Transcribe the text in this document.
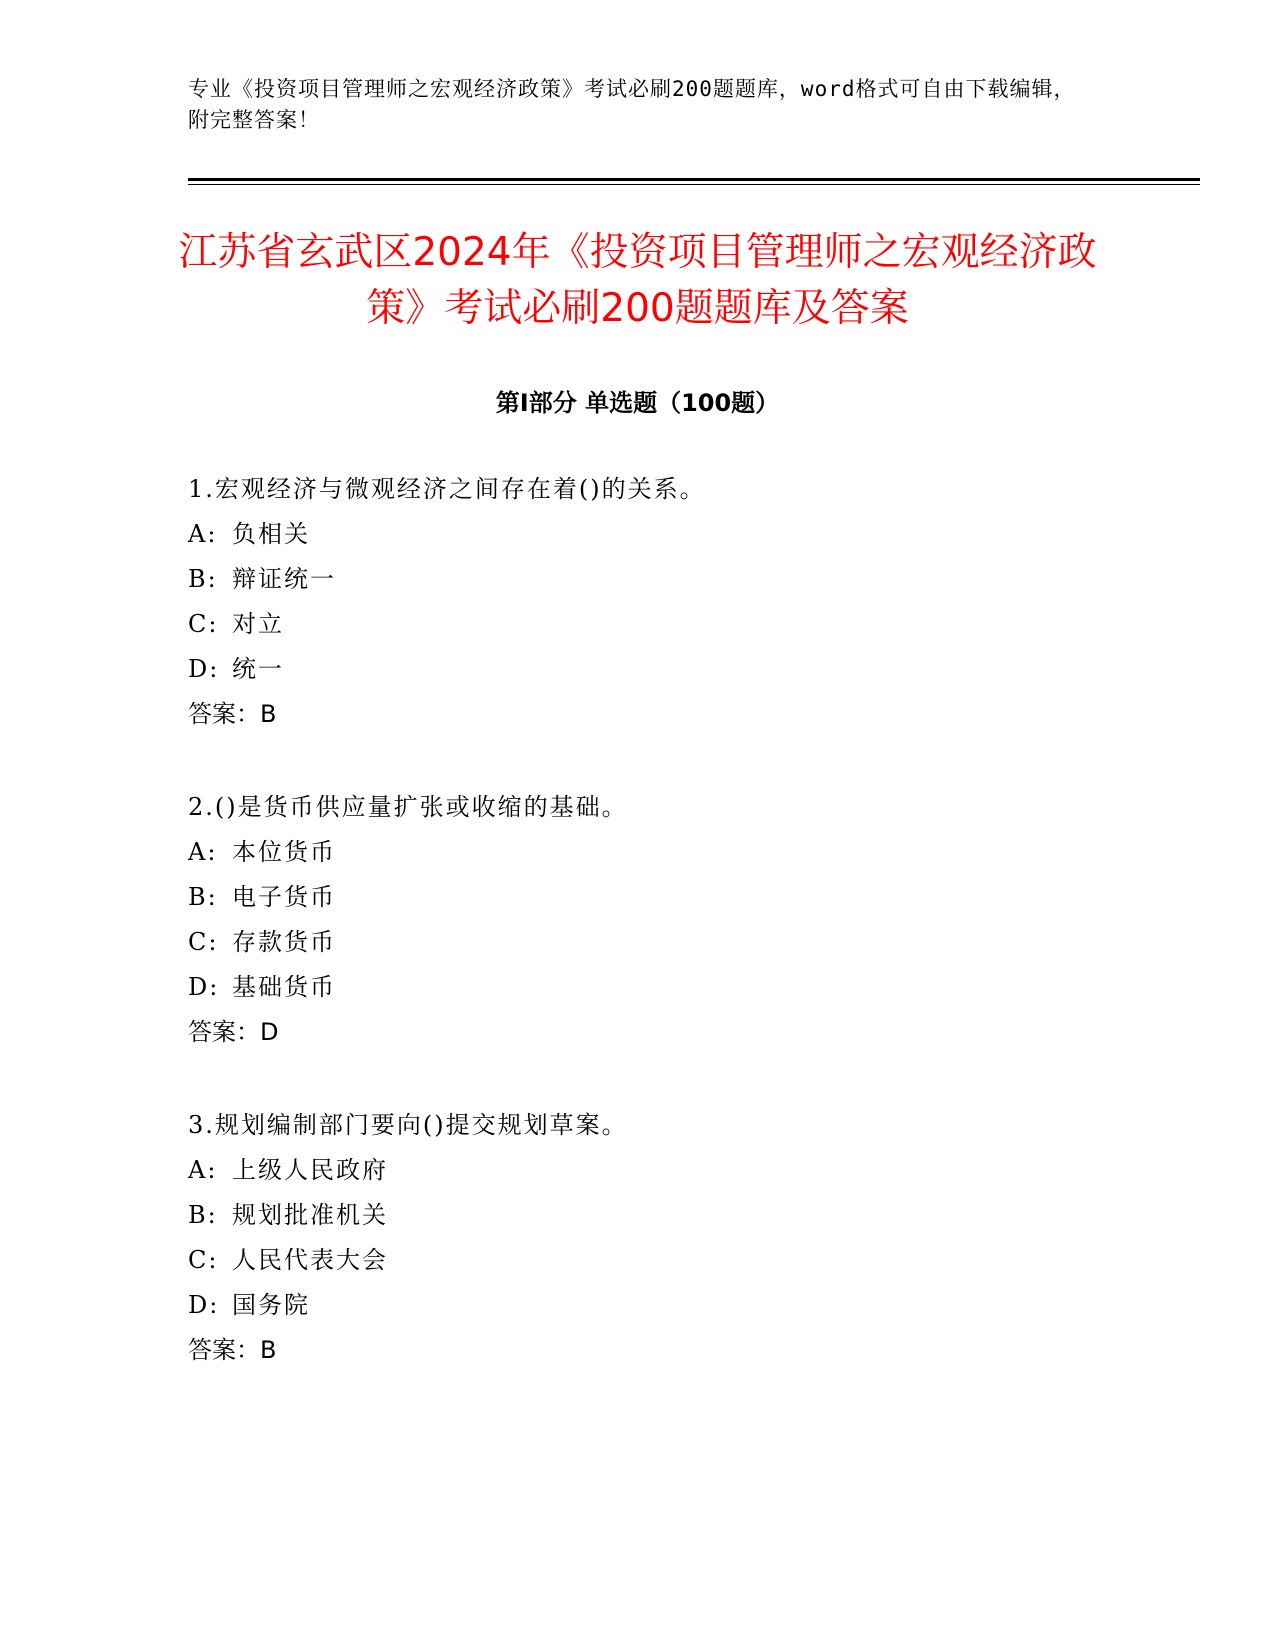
专业《投资项目管理师之宏观经济政策》考试必刷200题题库，word格式可自由下载编辑，附完整答案！
江苏省玄武区2024年《投资项目管理师之宏观经济政策》考试必刷200题题库及答案
第I部分 单选题（100题）
1.宏观经济与微观经济之间存在着()的关系。
A: 负相关
B: 辩证统一
C: 对立
D: 统一
答案：B
2.()是货币供应量扩张或收缩的基础。
A: 本位货币
B: 电子货币
C: 存款货币
D: 基础货币
答案：D
3.规划编制部门要向()提交规划草案。
A: 上级人民政府
B: 规划批准机关
C: 人民代表大会
D: 国务院
答案：B
